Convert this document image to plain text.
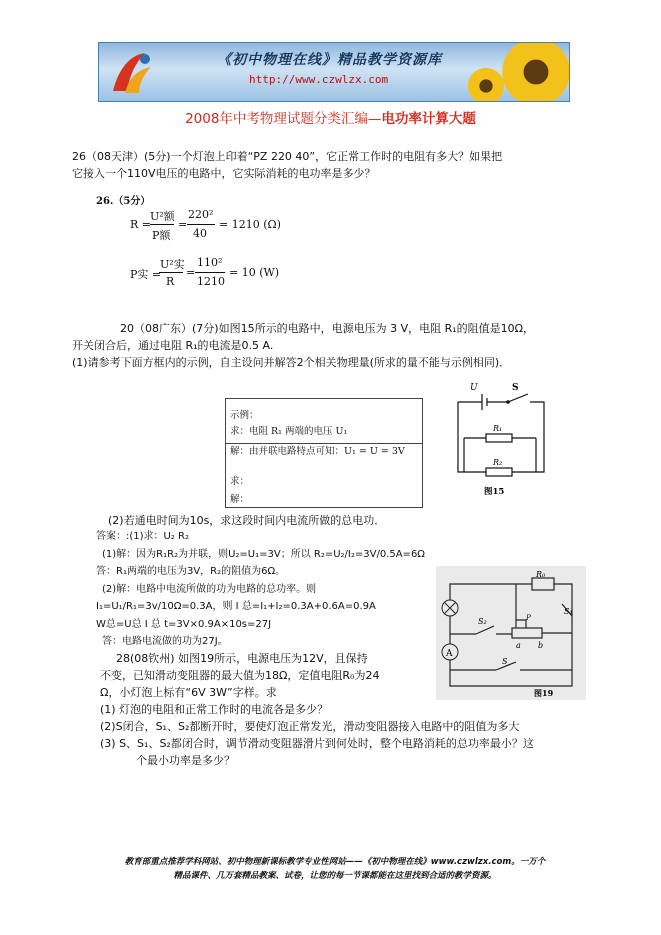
《初中物理在线》精品教学资源库
http://www.czwlzx.com
2008年中考物理试题分类汇编—电功率计算大题
26（08天津）(5分)一个灯泡上印着“PZ 220 40”，它正常工作时的电阻有多大？如果把
它接入一个110V电压的电路中，它实际消耗的电功率是多少？
26.（5分）
R =
U²额
P额
=
220²
40
= 1210 (Ω)
P实 =
U²实
R
=
110²
1210
= 10 (W)
20（08广东）(7分)如图15所示的电路中，电源电压为 3 V，电阻 R₁的阻值是10Ω，
开关闭合后，通过电阻 R₁的电流是0.5 A.
(1)请参考下面方框内的示例，自主设问并解答2个相关物理量(所求的量不能与示例相同)．
示例：
求：电阻 R₁ 两端的电压 U₁
解：由并联电路特点可知：U₁ = U = 3V
求：
解：
U	S
R₁
R₂
图15
(2)若通电时间为10s，求这段时间内电流所做的总电功．
答案：:(1)求：U₂ R₂
(1)解：因为R₁R₂为并联，则U₂=U₁=3V；所以 R₂=U₂/I₂=3V/0.5A=6Ω
答：R₁两端的电压为3V，R₂的阻值为6Ω。
(2)解：电路中电流所做的功为电路的总功率。则
I₁=U₁/R₁=3v/10Ω=0.3A，则 I 总=I₁+I₂=0.3A+0.6A=0.9A
W总=U总 I 总 t=3V×0.9A×10s=27J
答：电路电流做的功为27J。
A
R₀
S₁
S₂	P
a b
S
图19
28(08钦州) 如图19所示，电源电压为12V，且保持
不变，已知滑动变阻器的最大值为18Ω，定值电阻R₀为24
Ω，小灯泡上标有“6V 3W”字样。求
(1) 灯泡的电阻和正常工作时的电流各是多少？
(2)S闭合，S₁、S₂都断开时，要使灯泡正常发光，滑动变阻器接入电路中的阻值为多大
(3) S、S₁、S₂都闭合时，调节滑动变阻器滑片到何处时，整个电路消耗的总功率最小？这
个最小功率是多少？
教育部重点推荐学科网站、初中物理新课标教学专业性网站——《初中物理在线》www.czwlzx.com。一万个
精品课件、几万套精品教案、试卷，让您的每一节课都能在这里找到合适的教学资源。
